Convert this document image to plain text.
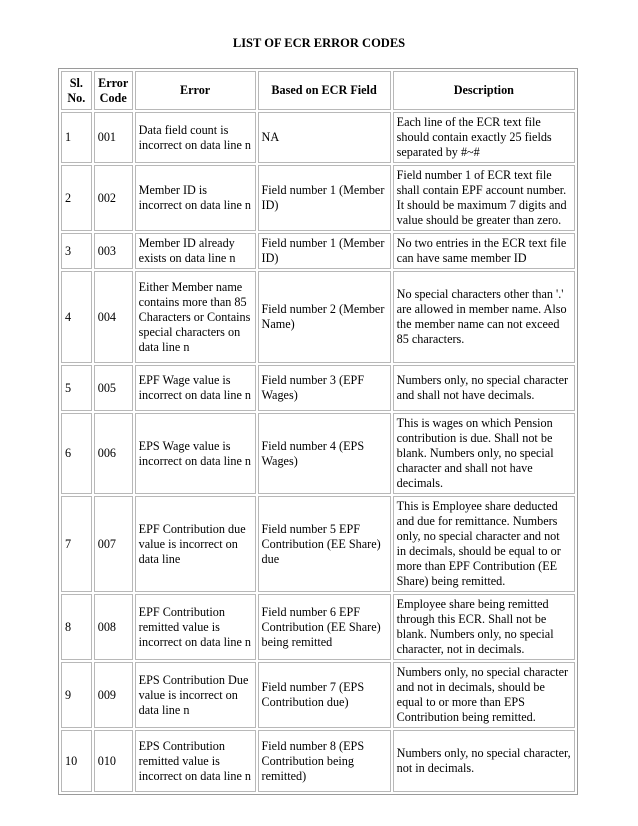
LIST OF ECR ERROR CODES
Sl. No.	Error Code	Error	Based on ECR Field	Description
1	001	Data field count is incorrect on data line n	NA	Each line of the ECR text file should contain exactly 25 fields separated by #~#
2	002	Member ID is incorrect on data line n	Field number 1 (Member ID)	Field number 1 of ECR text file shall contain EPF account number. It should be maximum 7 digits and value should be greater than zero.
3	003	Member ID already exists on data line n	Field number 1 (Member ID)	No two entries in the ECR text file can have same member ID
4	004	Either Member name contains more than 85 Characters or Contains special characters on data line n	Field number 2 (Member Name)	No special characters other than '.' are allowed in member name. Also the member name can not exceed 85 characters.
5	005	EPF Wage value is incorrect on data line n	Field number 3 (EPF Wages)	Numbers only, no special character and shall not have decimals.
6	006	EPS Wage value is incorrect on data line n	Field number 4 (EPS Wages)	This is wages on which Pension contribution is due. Shall not be blank. Numbers only, no special character and shall not have decimals.
7	007	EPF Contribution due value is incorrect on data line	Field number 5 EPF Contribution (EE Share) due	This is Employee share deducted and due for remittance. Numbers only, no special character and not in decimals, should be equal to or more than EPF Contribution (EE Share) being remitted.
8	008	EPF Contribution remitted value is incorrect on data line n	Field number 6 EPF Contribution (EE Share) being remitted	Employee share being remitted through this ECR. Shall not be blank. Numbers only, no special character, not in decimals.
9	009	EPS Contribution Due value is incorrect on data line n	Field number 7 (EPS Contribution due)	Numbers only, no special character and not in decimals, should be equal to or more than EPS Contribution being remitted.
10	010	EPS Contribution remitted value is incorrect on data line n	Field number 8 (EPS Contribution being remitted)	Numbers only, no special character, not in decimals.
